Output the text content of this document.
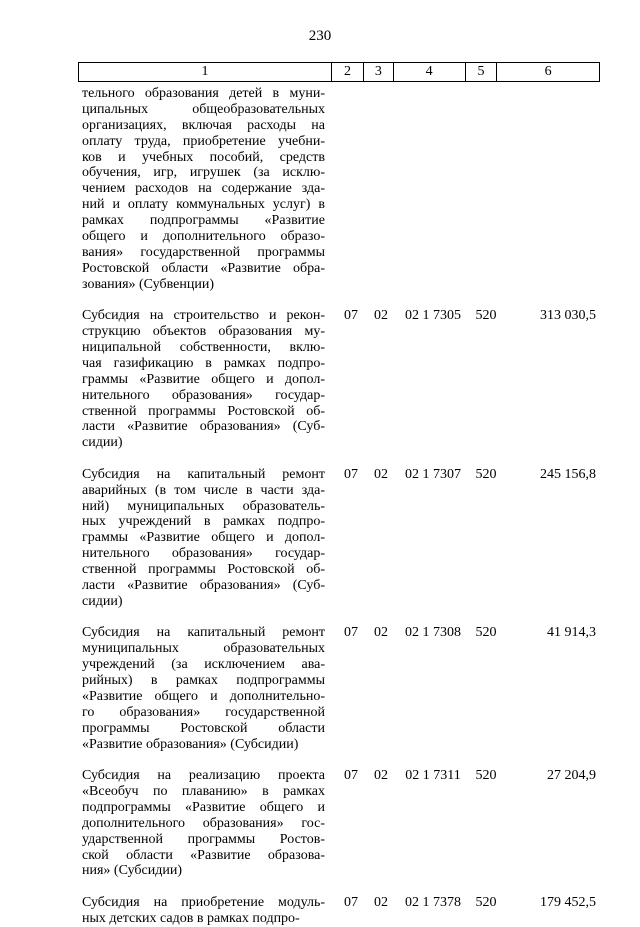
230
1	2	3	4	5	6
тельного образования детей в муни-
ципальных общеобразовательных
организациях, включая расходы на
оплату труда, приобретение учебни-
ков и учебных пособий, средств
обучения, игр, игрушек (за исклю-
чением расходов на содержание зда-
ний и оплату коммунальных услуг) в
рамках подпрограммы «Развитие
общего и дополнительного образо-
вания» государственной программы
Ростовской области «Развитие обра-
зования» (Субвенции)
Субсидия на строительство и рекон-
струкцию объектов образования му-
ниципальной собственности, вклю-
чая газификацию в рамках подпро-
граммы «Развитие общего и допол-
нительного образования» государ-
ственной программы Ростовской об-
ласти «Развитие образования» (Суб-
сидии)
07	02	02 1 7305	520	313 030,5
Субсидия на капитальный ремонт
аварийных (в том числе в части зда-
ний) муниципальных образователь-
ных учреждений в рамках подпро-
граммы «Развитие общего и допол-
нительного образования» государ-
ственной программы Ростовской об-
ласти «Развитие образования» (Суб-
сидии)
07	02	02 1 7307	520	245 156,8
Субсидия на капитальный ремонт
муниципальных образовательных
учреждений (за исключением ава-
рийных) в рамках подпрограммы
«Развитие общего и дополнительно-
го образования» государственной
программы Ростовской области
«Развитие образования» (Субсидии)
07	02	02 1 7308	520	41 914,3
Субсидия на реализацию проекта
«Всеобуч по плаванию» в рамках
подпрограммы «Развитие общего и
дополнительного образования» гос-
ударственной программы Ростов-
ской области «Развитие образова-
ния» (Субсидии)
07	02	02 1 7311	520	27 204,9
Субсидия на приобретение модуль-
ных детских садов в рамках подпро-
07	02	02 1 7378	520	179 452,5
